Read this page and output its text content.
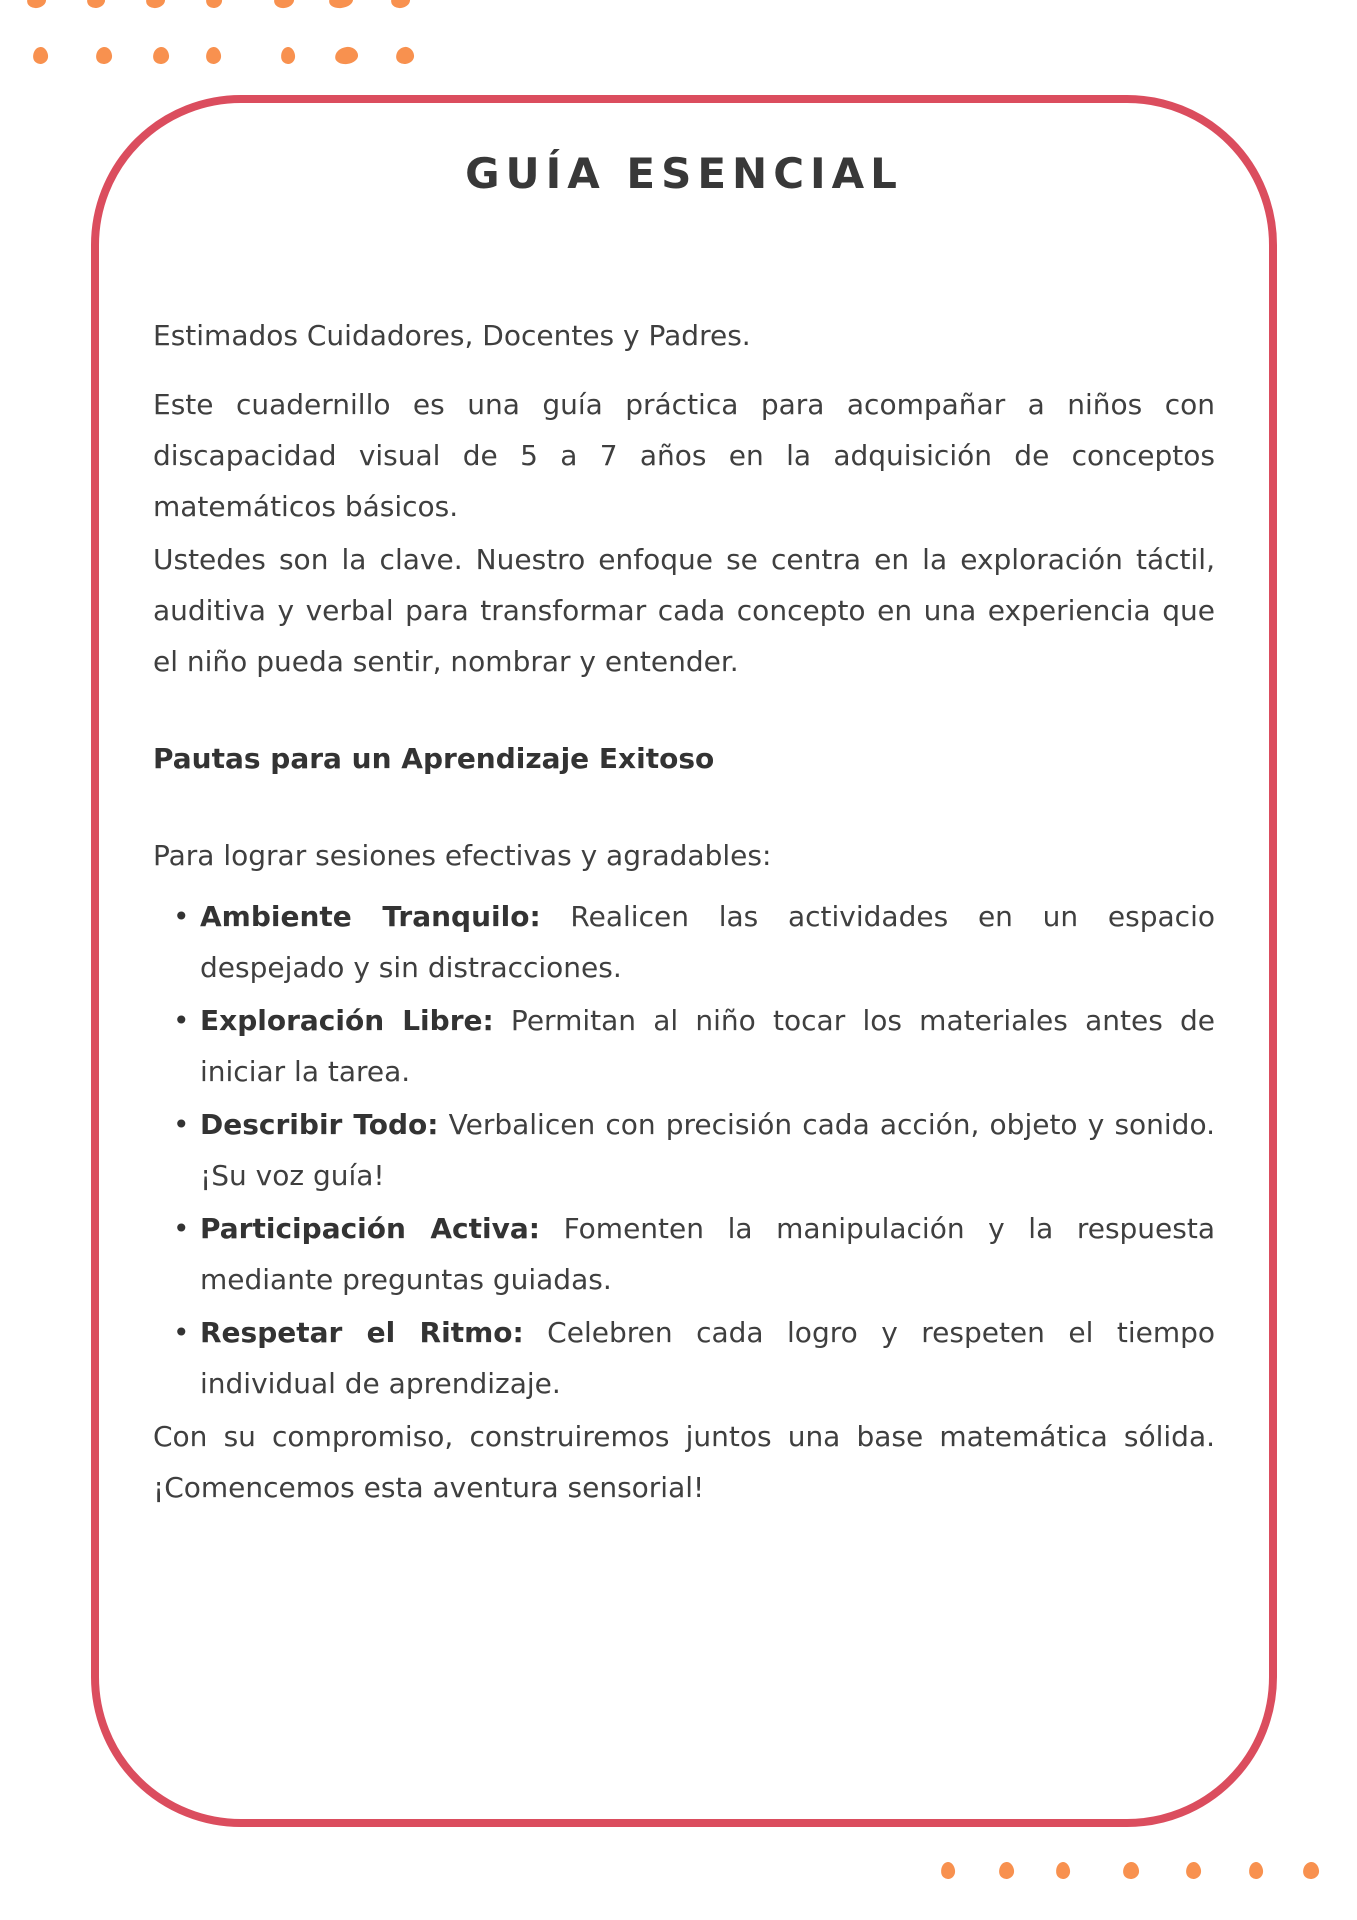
GUÍA ESENCIAL

Estimados Cuidadores, Docentes y Padres.

Este cuadernillo es una guía práctica para acompañar a niños con discapacidad visual de 5 a 7 años en la adquisición de conceptos matemáticos básicos.

Ustedes son la clave. Nuestro enfoque se centra en la exploración táctil, auditiva y verbal para transformar cada concepto en una experiencia que el niño pueda sentir, nombrar y entender.

Pautas para un Aprendizaje Exitoso

Para lograr sesiones efectivas y agradables:

• Ambiente Tranquilo: Realicen las actividades en un espacio despejado y sin distracciones.
• Exploración Libre: Permitan al niño tocar los materiales antes de iniciar la tarea.
• Describir Todo: Verbalicen con precisión cada acción, objeto y sonido. ¡Su voz guía!
• Participación Activa: Fomenten la manipulación y la respuesta mediante preguntas guiadas.
• Respetar el Ritmo: Celebren cada logro y respeten el tiempo individual de aprendizaje.

Con su compromiso, construiremos juntos una base matemática sólida. ¡Comencemos esta aventura sensorial!
